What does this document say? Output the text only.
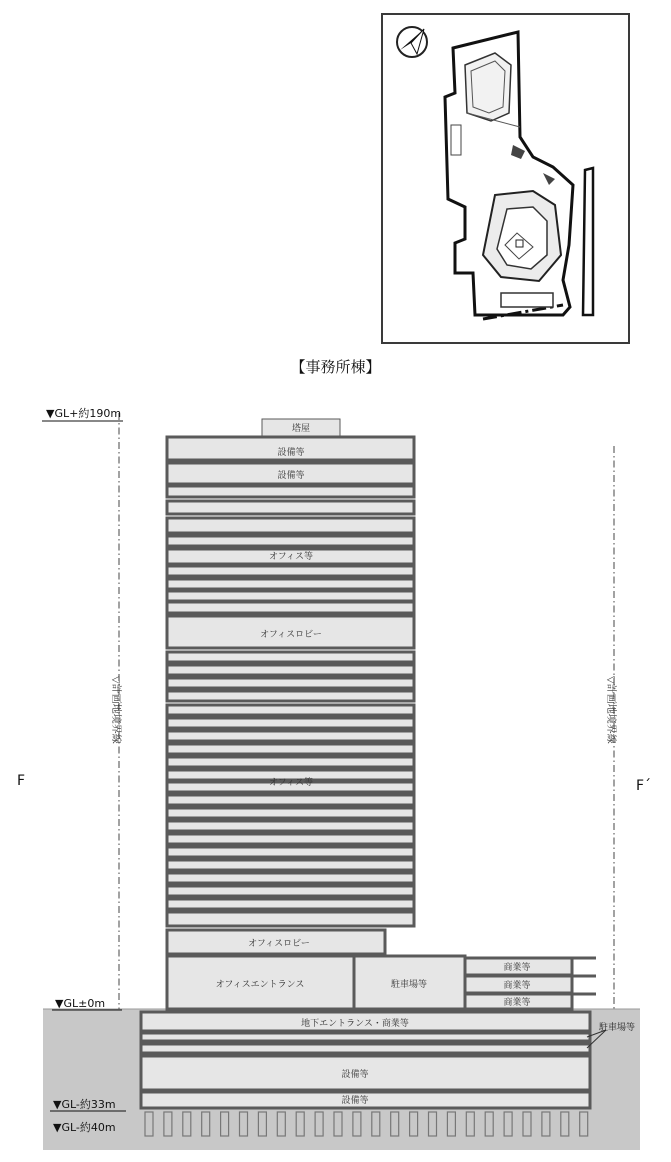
【事務所棟】
塔屋
設備等
設備等
オフィス等
オフィスロビー
オフィス等
オフィスロビー
オフィスエントランス	駐車場等
商業等
商業等
商業等
地下エントランス・商業等
設備等
設備等
駐車場等
▼GL+約190m
▼GL±0m
▼GL-約33m
▼GL-約40m
▽計画地境界線	▽計画地境界線
F	F´
